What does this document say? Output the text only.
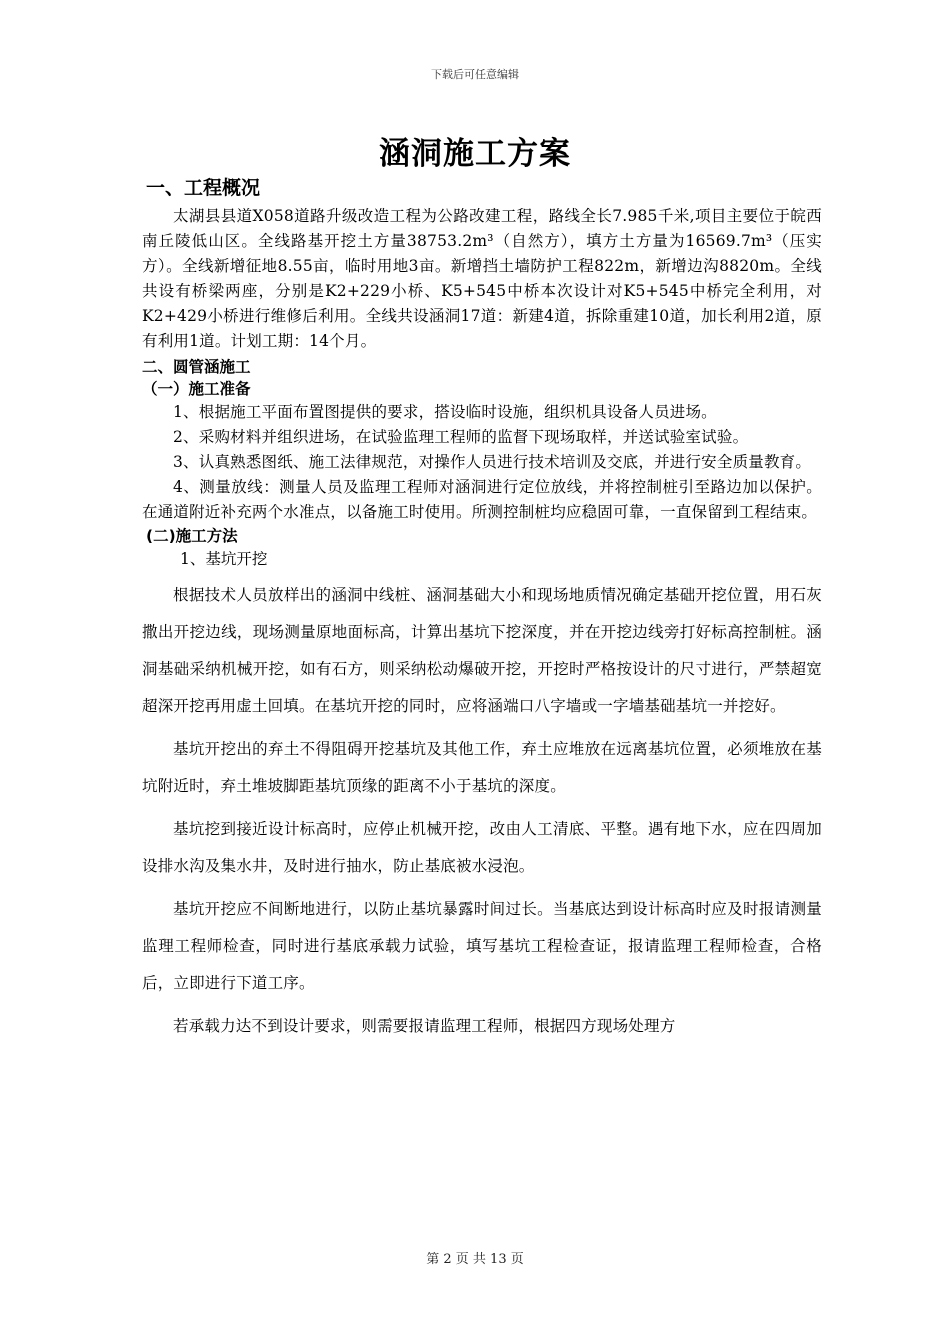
下载后可任意编辑
涵洞施工方案
一、工程概况

太湖县县道X058道路升级改造工程为公路改建工程，路线全长7.985千米,项目主要位于皖西南丘陵低山区。全线路基开挖土方量38753.2m³（自然方），填方土方量为16569.7m³（压实方）。全线新增征地8.55亩，临时用地3亩。新增挡土墙防护工程822m，新增边沟8820m。全线共设有桥梁两座，分别是K2+229小桥、K5+545中桥本次设计对K5+545中桥完全利用，对K2+429小桥进行维修后利用。全线共设涵洞17道：新建4道，拆除重建10道，加长利用2道，原有利用1道。计划工期：14个月。

二、圆管涵施工
（一）施工准备

1、根据施工平面布置图提供的要求，搭设临时设施，组织机具设备人员进场。

2、采购材料并组织进场，在试验监理工程师的监督下现场取样，并送试验室试验。

3、认真熟悉图纸、施工法律规范，对操作人员进行技术培训及交底，并进行安全质量教育。

4、测量放线：测量人员及监理工程师对涵洞进行定位放线，并将控制桩引至路边加以保护。在通道附近补充两个水准点，以备施工时使用。所测控制桩均应稳固可靠，一直保留到工程结束。

(二)施工方法
1、基坑开挖

根据技术人员放样出的涵洞中线桩、涵洞基础大小和现场地质情况确定基础开挖位置，用石灰撒出开挖边线，现场测量原地面标高，计算出基坑下挖深度，并在开挖边线旁打好标高控制桩。涵洞基础采纳机械开挖，如有石方，则采纳松动爆破开挖，开挖时严格按设计的尺寸进行，严禁超宽超深开挖再用虚土回填。在基坑开挖的同时，应将涵端口八字墙或一字墙基础基坑一并挖好。

基坑开挖出的弃土不得阻碍开挖基坑及其他工作，弃土应堆放在远离基坑位置，必须堆放在基坑附近时，弃土堆坡脚距基坑顶缘的距离不小于基坑的深度。

基坑挖到接近设计标高时，应停止机械开挖，改由人工清底、平整。遇有地下水，应在四周加设排水沟及集水井，及时进行抽水，防止基底被水浸泡。

基坑开挖应不间断地进行，以防止基坑暴露时间过长。当基底达到设计标高时应及时报请测量监理工程师检查，同时进行基底承载力试验，填写基坑工程检查证，报请监理工程师检查，合格后，立即进行下道工序。

若承载力达不到设计要求，则需要报请监理工程师，根据四方现场处理方

第 2 页 共 13 页
